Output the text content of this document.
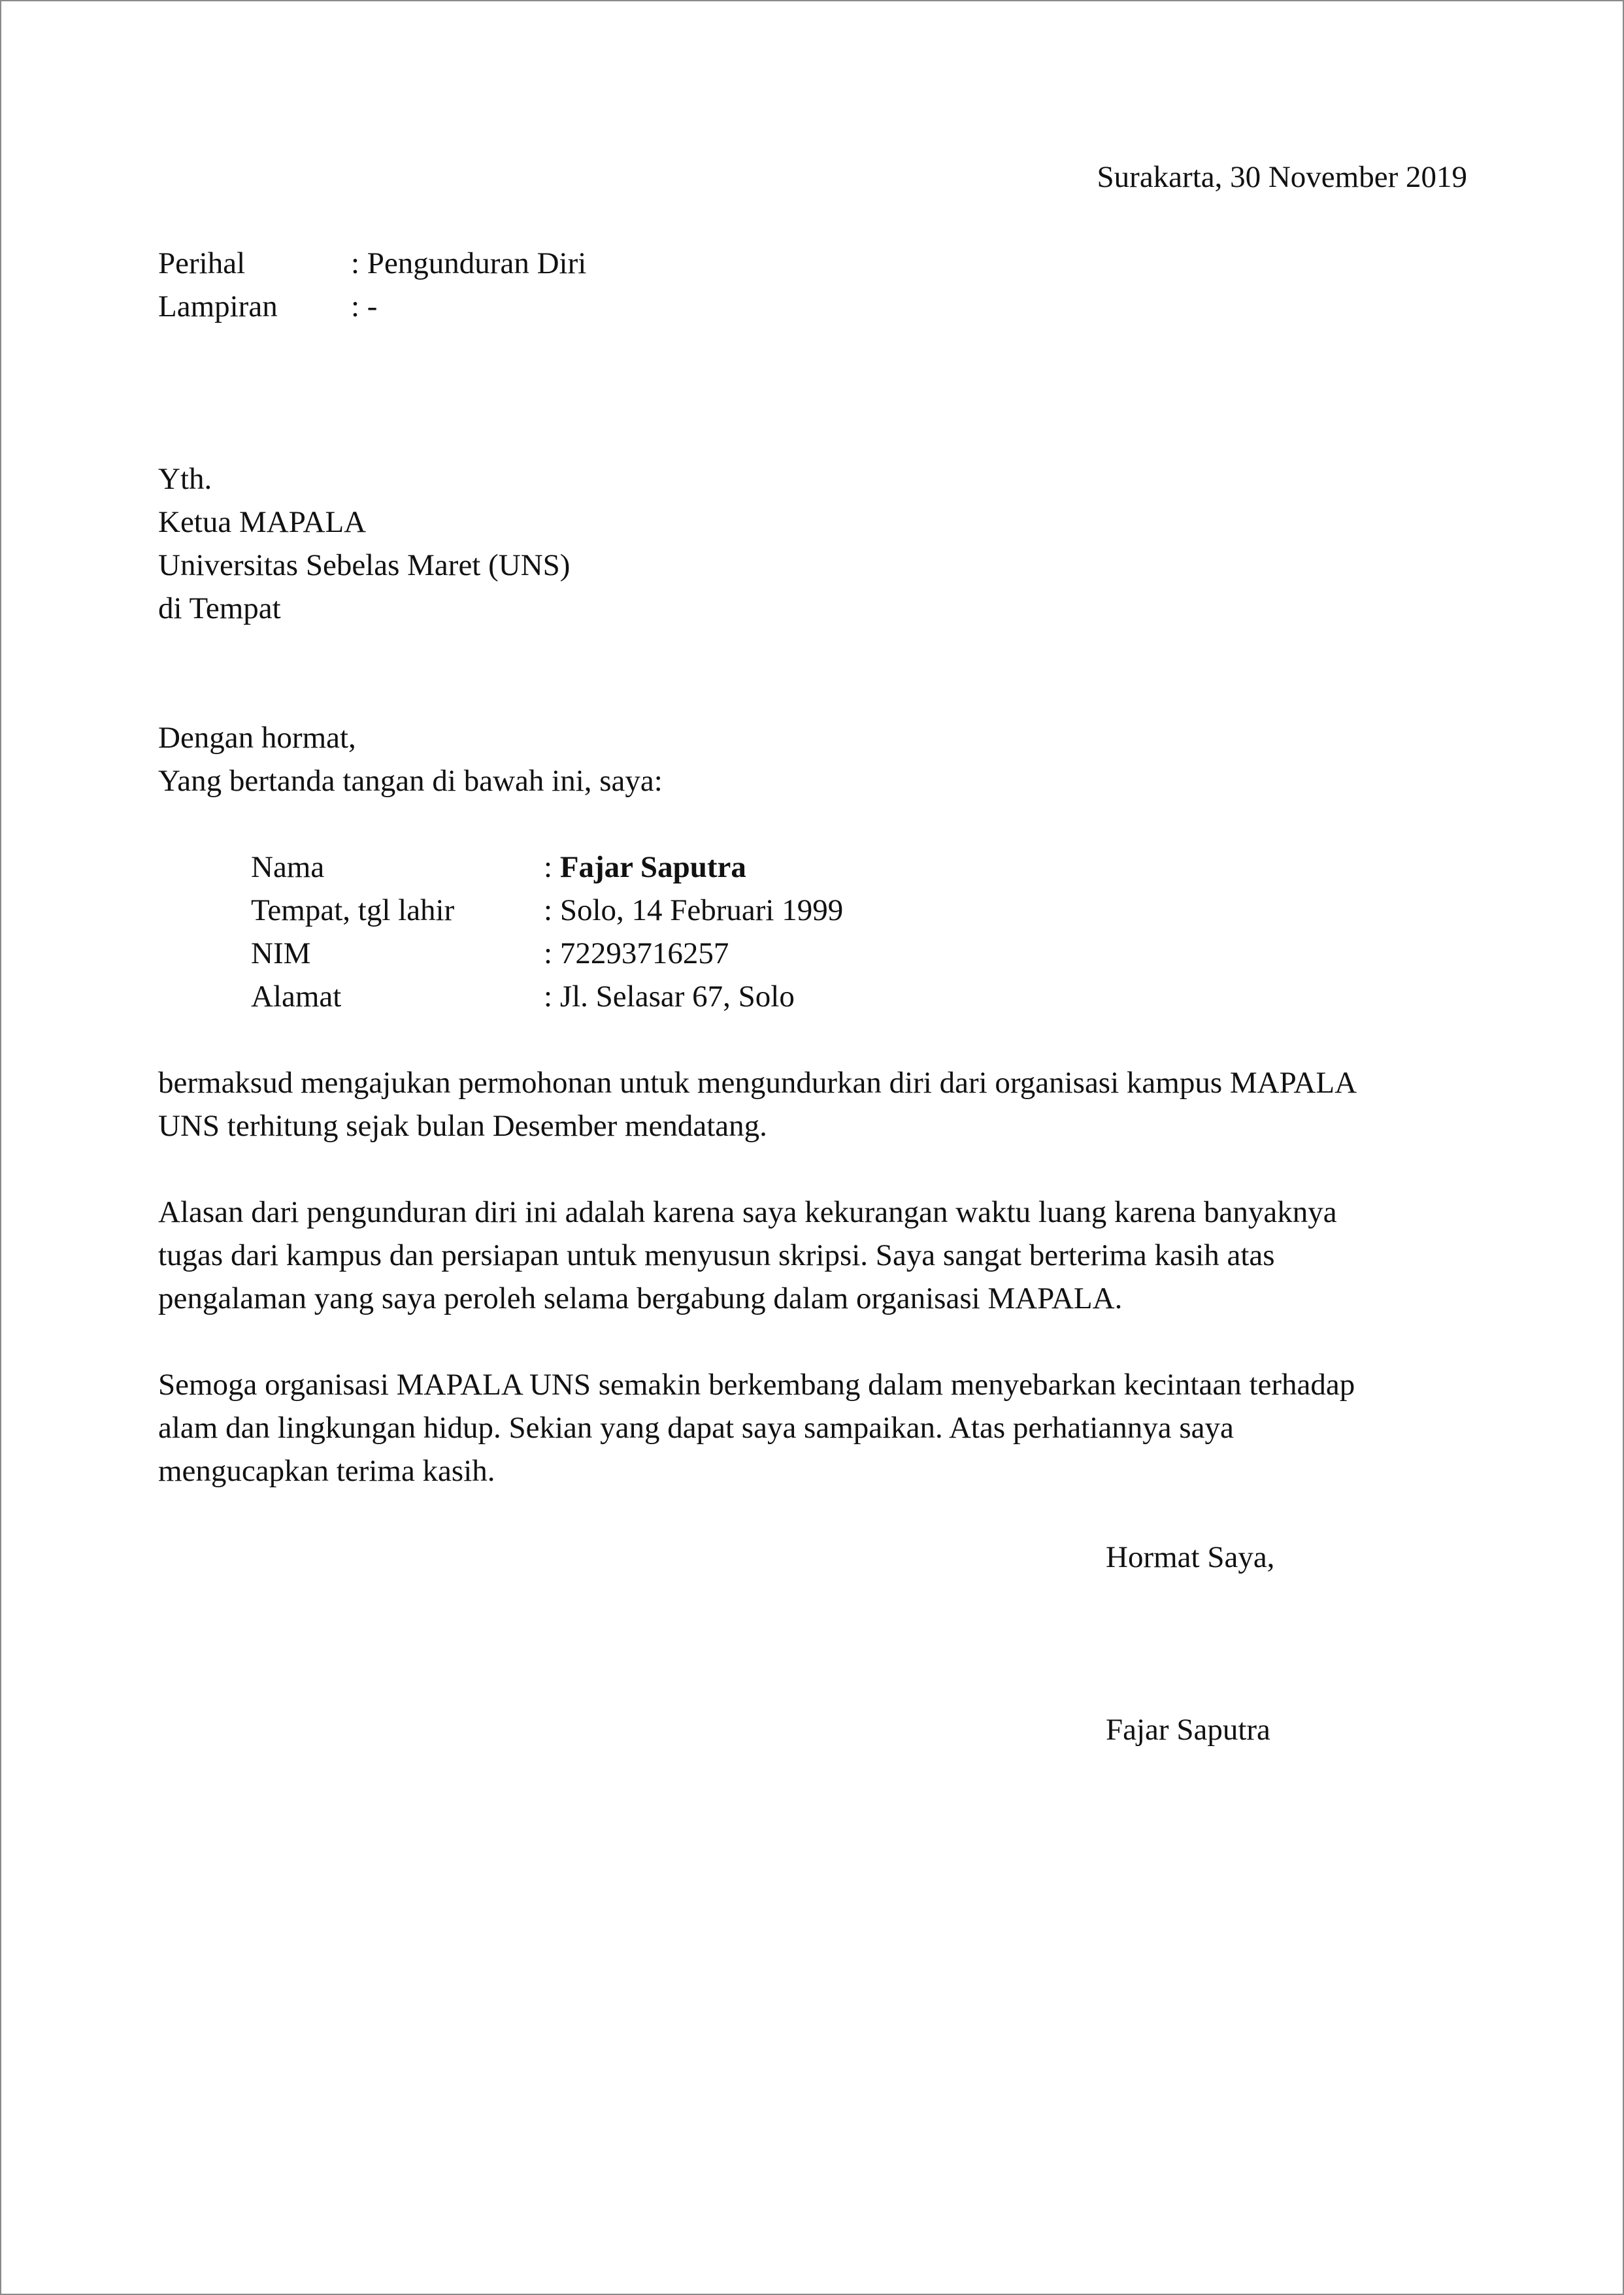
Surakarta, 30 November 2019
Perihal	: Pengunduran Diri
Lampiran : -
Yth.
Ketua MAPALA
Universitas Sebelas Maret (UNS)
di Tempat
Dengan hormat,
Yang bertanda tangan di bawah ini, saya:
Nama
Tempat, tgl lahir
NIM
Alamat
: Fajar Saputra
: Solo, 14 Februari 1999
: 72293716257
: Jl. Selasar 67, Solo
bermaksud mengajukan permohonan untuk mengundurkan diri dari organisasi kampus MAPALA
UNS terhitung sejak bulan Desember mendatang.
Alasan dari pengunduran diri ini adalah karena saya kekurangan waktu luang karena banyaknya
tugas dari kampus dan persiapan untuk menyusun skripsi. Saya sangat berterima kasih atas
pengalaman yang saya peroleh selama bergabung dalam organisasi MAPALA.
Semoga organisasi MAPALA UNS semakin berkembang dalam menyebarkan kecintaan terhadap
alam dan lingkungan hidup. Sekian yang dapat saya sampaikan. Atas perhatiannya saya
mengucapkan terima kasih.
Hormat Saya,
Fajar Saputra
